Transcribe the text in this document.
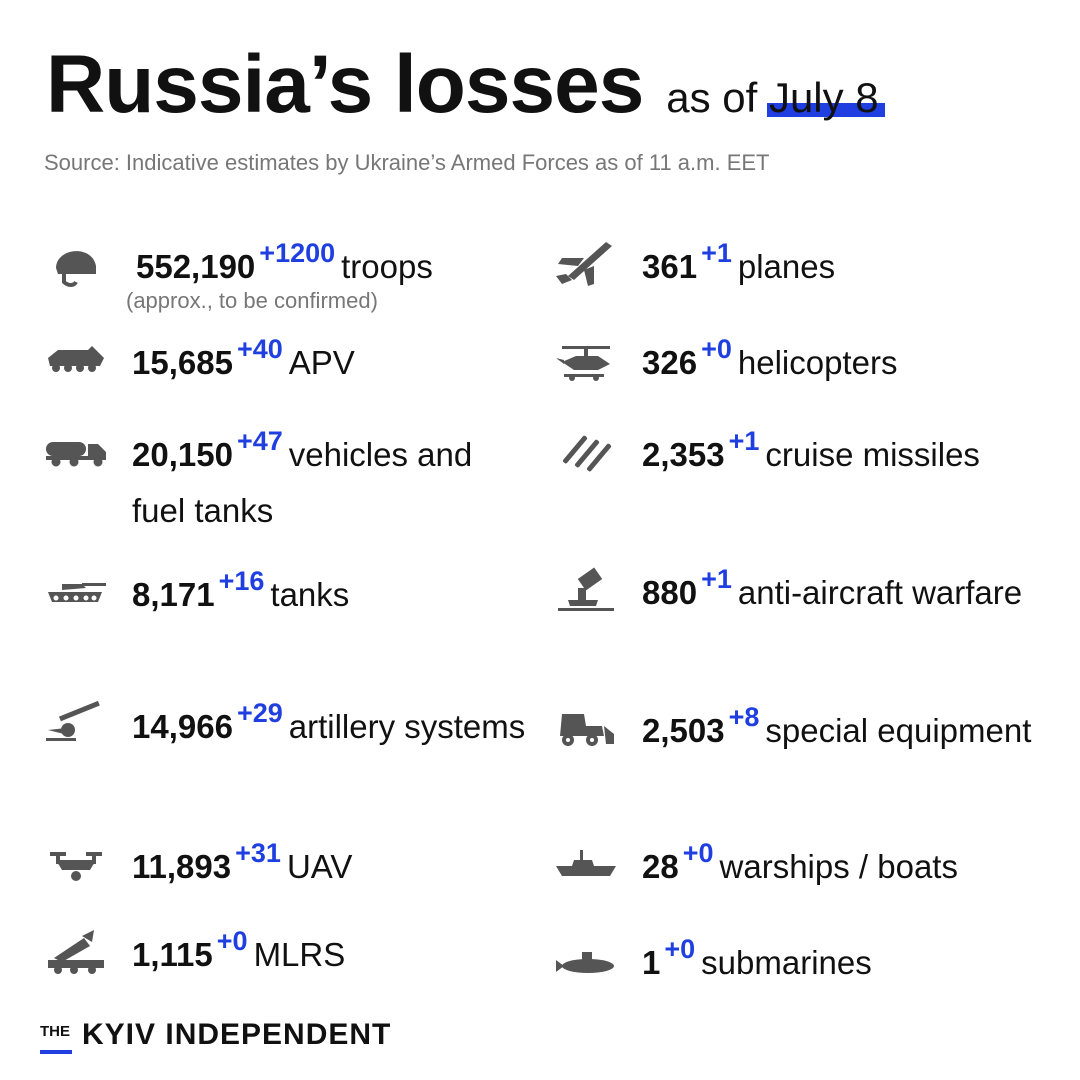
Russia’s losses as of July 8
Source: Indicative estimates by Ukraine’s Armed Forces as of 11 a.m. EET
552,190 $^{+1200}$ troops
(approx., to be confirmed)
15,685 $^{+40}$ APV
20,150 $^{+47}$ vehicles and fuel tanks
8,171 $^{+16}$ tanks
14,966 $^{+29}$ artillery systems
11,893 $^{+31}$ UAV
1,115 $^{+0}$ MLRS
361 $^{+1}$ planes
326 $^{+0}$ helicopters
2,353 $^{+1}$ cruise missiles
880 $^{+1}$ anti-aircraft warfare
2,503 $^{+8}$ special equipment
28 $^{+0}$ warships / boats
1 $^{+0}$ submarines
THE KYIV INDEPENDENT
